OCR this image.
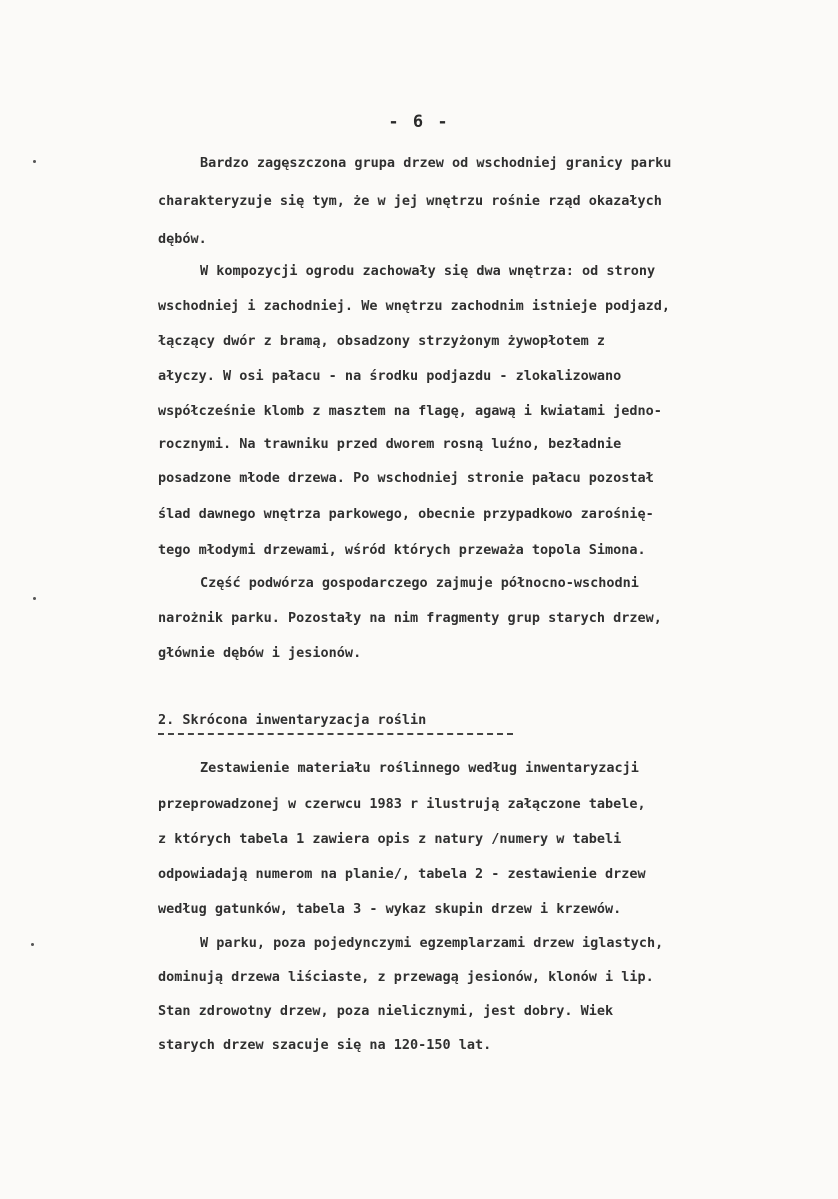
- 6 -
Bardzo zagęszczona grupa drzew od wschodniej granicy parku
charakteryzuje się tym, że w jej wnętrzu rośnie rząd okazałych
dębów.
W kompozycji ogrodu zachowały się dwa wnętrza: od strony
wschodniej i zachodniej. We wnętrzu zachodnim istnieje podjazd,
łączący dwór z bramą, obsadzony strzyżonym żywopłotem z
ałyczy. W osi pałacu - na środku podjazdu - zlokalizowano
współcześnie klomb z masztem na flagę, agawą i kwiatami jedno-
rocznymi. Na trawniku przed dworem rosną luźno, bezładnie
posadzone młode drzewa. Po wschodniej stronie pałacu pozostał
ślad dawnego wnętrza parkowego, obecnie przypadkowo zarośnię-
tego młodymi drzewami, wśród których przeważa topola Simona.
Część podwórza gospodarczego zajmuje północno-wschodni
narożnik parku. Pozostały na nim fragmenty grup starych drzew,
głównie dębów i jesionów.
2. Skrócona inwentaryzacja roślin
Zestawienie materiału roślinnego według inwentaryzacji
przeprowadzonej w czerwcu 1983 r ilustrują załączone tabele,
z których tabela 1 zawiera opis z natury /numery w tabeli
odpowiadają numerom na planie/, tabela 2 - zestawienie drzew
według gatunków, tabela 3 - wykaz skupin drzew i krzewów.
W parku, poza pojedynczymi egzemplarzami drzew iglastych,
dominują drzewa liściaste, z przewagą jesionów, klonów i lip.
Stan zdrowotny drzew, poza nielicznymi, jest dobry. Wiek
starych drzew szacuje się na 120-150 lat.
